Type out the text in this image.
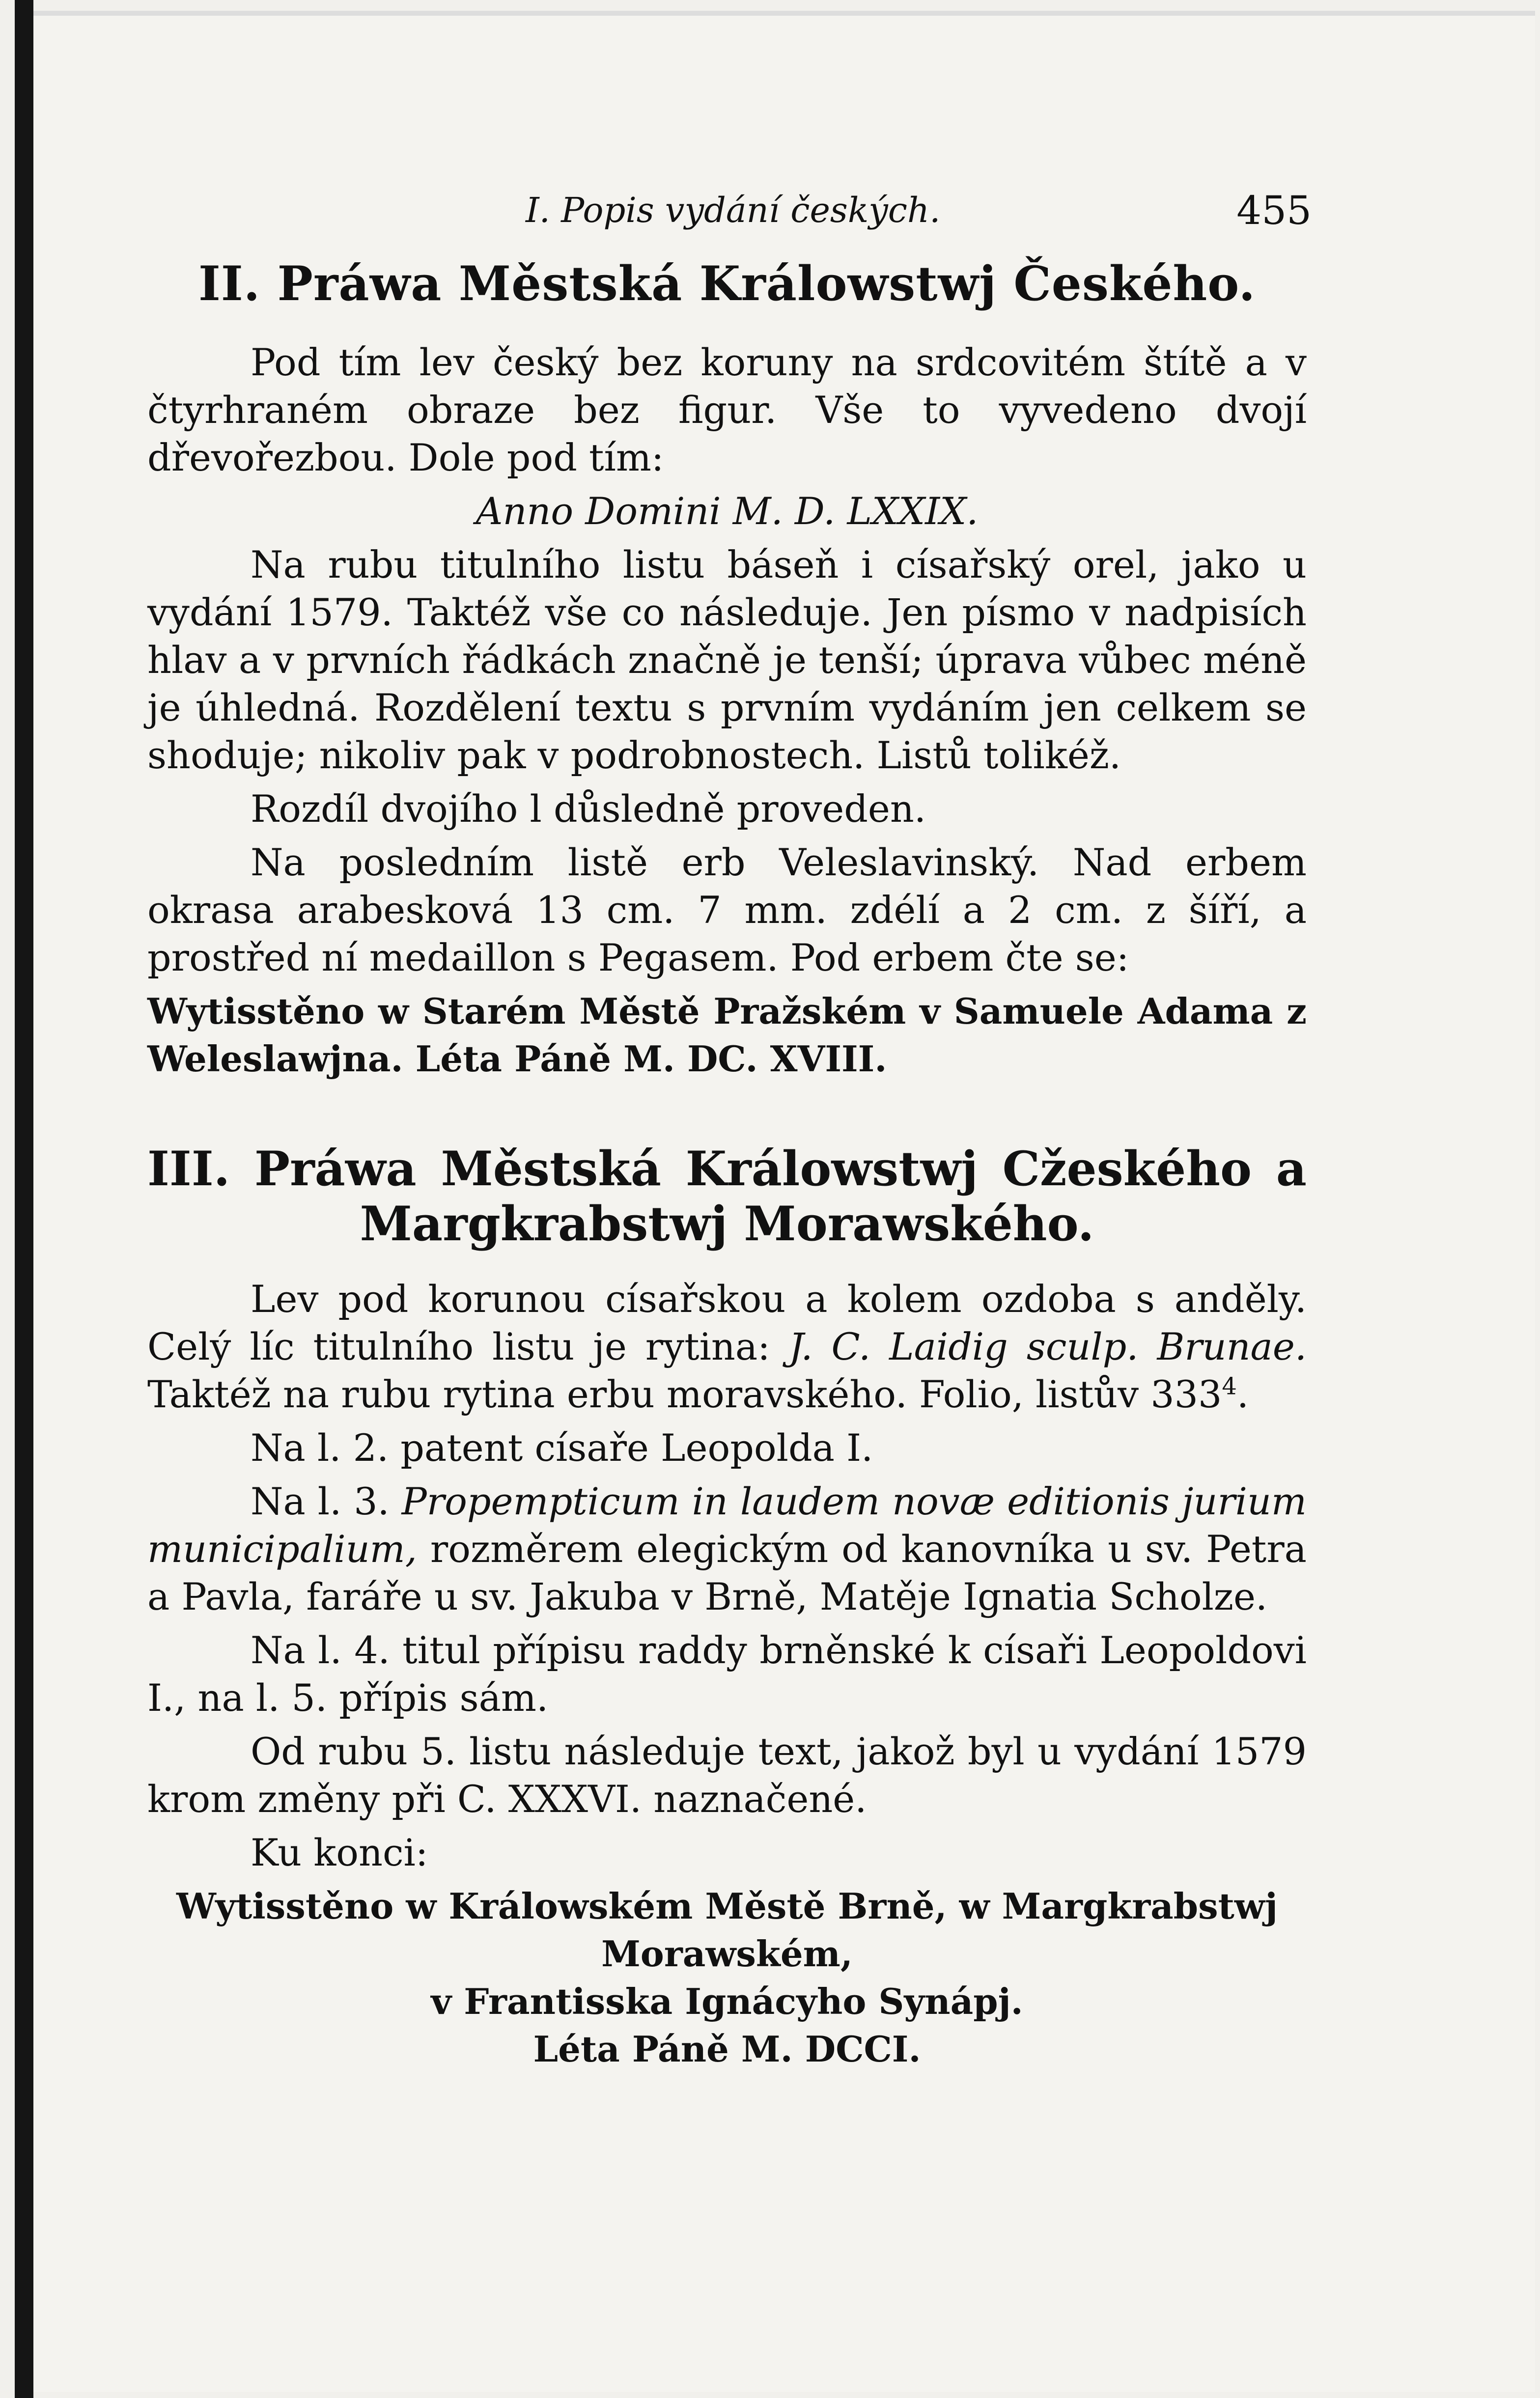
I. Popis vydání českých.	455
II. Práwa Městská Králowstwj Českého.

Pod tím lev český bez koruny na srdcovitém štítě a v čtyrhraném obraze bez figur. Vše to vyvedeno dvojí dřevořezbou. Dole pod tím:

Anno Domini M. D. LXXIX.

Na rubu titulního listu báseň i císařský orel, jako u vydání 1579. Taktéž vše co následuje. Jen písmo v nadpisích hlav a v prvních řádkách značně je tenší; úprava vůbec méně je úhledná. Rozdělení textu s prvním vydáním jen celkem se shoduje; nikoliv pak v podrobnostech. Listů tolikéž.

Rozdíl dvojího l důsledně proveden.

Na posledním listě erb Veleslavinský. Nad erbem okrasa arabesková 13 cm. 7 mm. zdélí a 2 cm. z šíří, a prostřed ní medaillon s Pegasem. Pod erbem čte se:

Wytisstěno w Starém Městě Pražském v Samuele Adama z Weleslawjna. Léta Páně M. DC. XVIII.

III. Práwa Městská Králowstwj Cžeského a Margkrabstwj Morawského.

Lev pod korunou císařskou a kolem ozdoba s anděly. Celý líc titulního listu je rytina: J. C. Laidig sculp. Brunae. Taktéž na rubu rytina erbu moravského. Folio, listův $333^4$.

Na l. 2. patent císaře Leopolda I.

Na l. 3. Propempticum in laudem novæ editionis jurium municipalium, rozměrem elegickým od kanovníka u sv. Petra a Pavla, faráře u sv. Jakuba v Brně, Matěje Ignatia Scholze.

Na l. 4. titul přípisu raddy brněnské k císaři Leopoldovi I., na l. 5. přípis sám.

Od rubu 5. listu následuje text, jakož byl u vydání 1579 krom změny při C. XXXVI. naznačené.

Ku konci:

Wytisstěno w Králowském Městě Brně, w Margkrabstwj Morawském,

v Frantisska Ignácyho Synápj.

Léta Páně M. DCCI.
